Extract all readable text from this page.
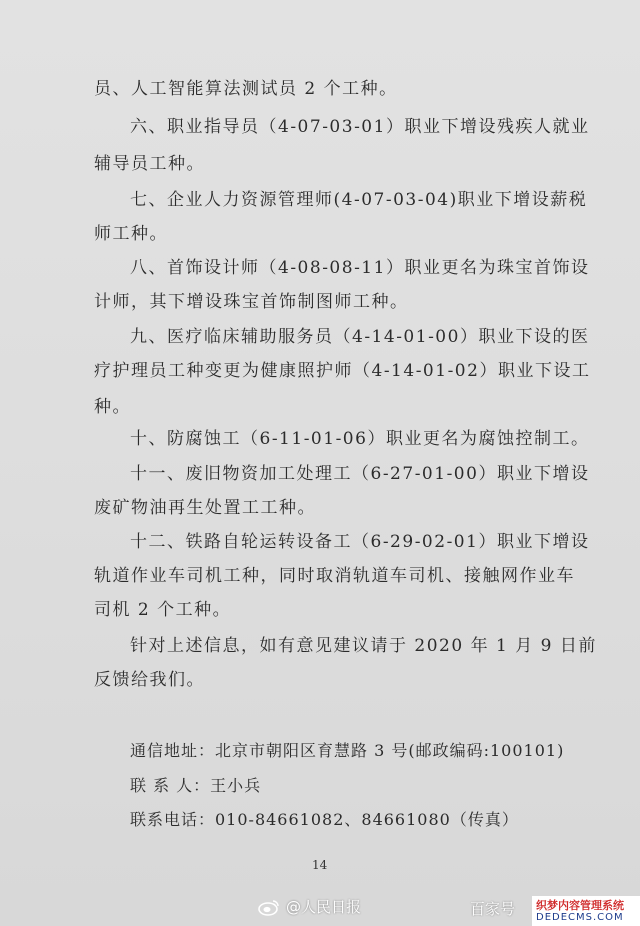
员、人工智能算法测试员 2 个工种。
六、职业指导员（4-07-03-01）职业下增设残疾人就业
辅导员工种。
七、企业人力资源管理师(4-07-03-04)职业下增设薪税
师工种。
八、首饰设计师（4-08-08-11）职业更名为珠宝首饰设
计师，其下增设珠宝首饰制图师工种。
九、医疗临床辅助服务员（4-14-01-00）职业下设的医
疗护理员工种变更为健康照护师（4-14-01-02）职业下设工
种。
十、防腐蚀工（6-11-01-06）职业更名为腐蚀控制工。
十一、废旧物资加工处理工（6-27-01-00）职业下增设
废矿物油再生处置工工种。
十二、铁路自轮运转设备工（6-29-02-01）职业下增设
轨道作业车司机工种，同时取消轨道车司机、接触网作业车
司机 2 个工种。
针对上述信息，如有意见建议请于 2020 年 1 月 9 日前
反馈给我们。
通信地址：北京市朝阳区育慧路 3 号(邮政编码:100101)
联 系 人：王小兵
联系电话：010-84661082、84661080（传真）
14
@人民日报	百家号 织梦内容管理系统
DEDECMS.COM
